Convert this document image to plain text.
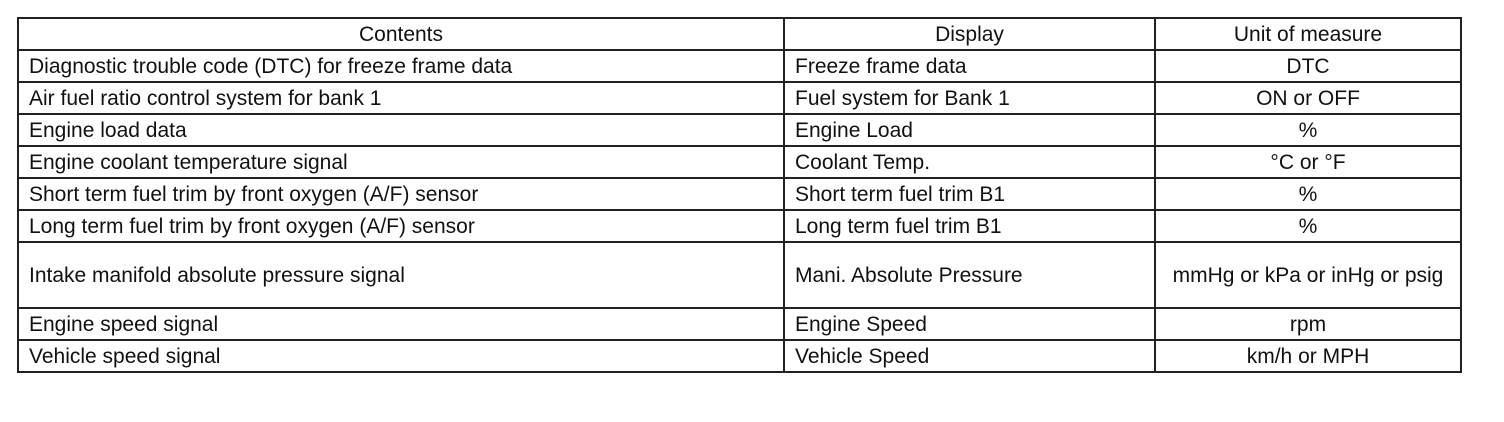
Contents	Display	Unit of measure
Diagnostic trouble code (DTC) for freeze frame data	Freeze frame data	DTC
Air fuel ratio control system for bank 1	Fuel system for Bank 1	ON or OFF
Engine load data	Engine Load	%
Engine coolant temperature signal	Coolant Temp.	°C or °F
Short term fuel trim by front oxygen (A/F) sensor	Short term fuel trim B1	%
Long term fuel trim by front oxygen (A/F) sensor	Long term fuel trim B1	%
Intake manifold absolute pressure signal	Mani. Absolute Pressure	mmHg or kPa or inHg or psig
Engine speed signal	Engine Speed	rpm
Vehicle speed signal	Vehicle Speed	km/h or MPH
